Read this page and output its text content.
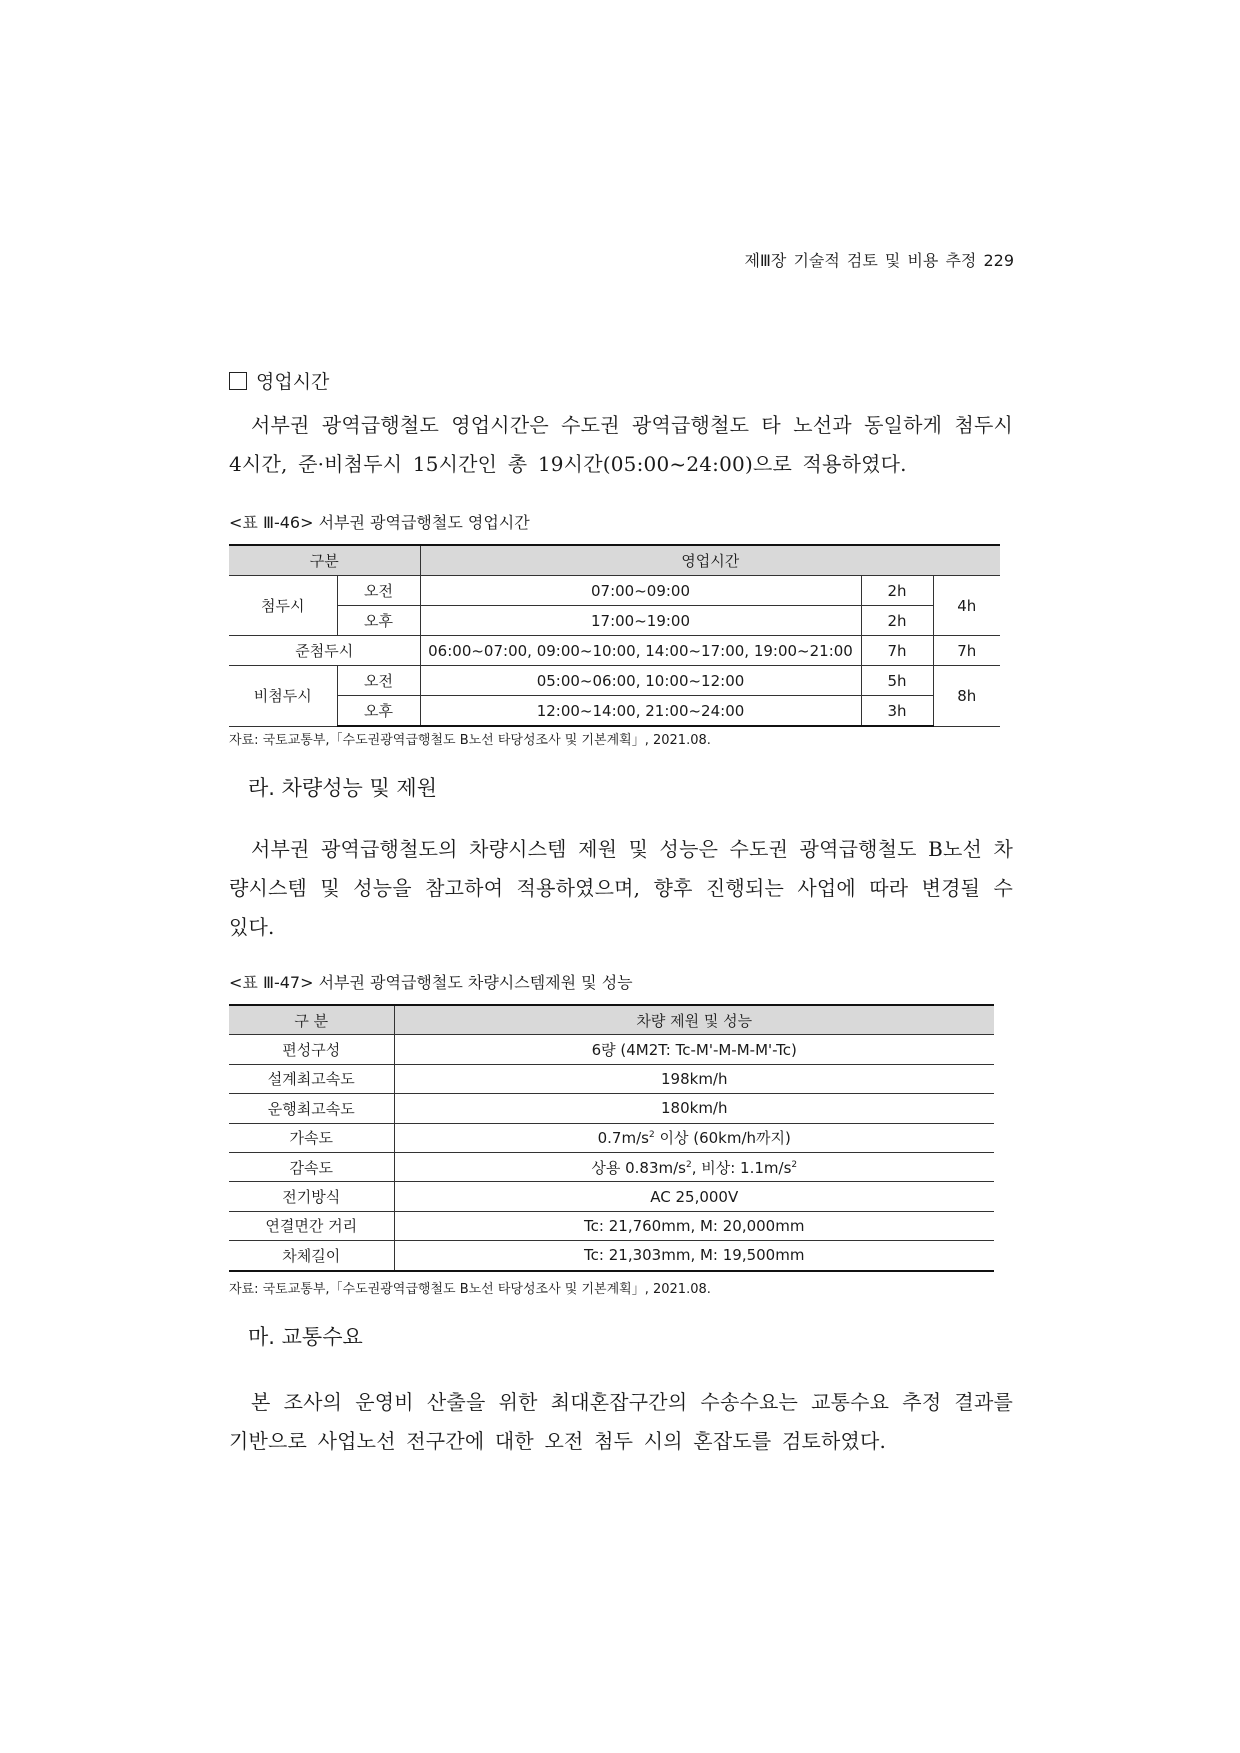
제Ⅲ장 기술적 검토 및 비용 추정 229
영업시간
서부권 광역급행철도 영업시간은 수도권 광역급행철도 타 노선과 동일하게 첨두시 4시간, 준·비첨두시 15시간인 총 19시간(05:00~24:00)으로 적용하였다.
<표 Ⅲ-46> 서부권 광역급행철도 영업시간
구분		영업시간		
첨두시	오전	07:00~09:00	2h	4h
	오후	17:00~19:00	2h	
준첨두시		06:00~07:00, 09:00~10:00, 14:00~17:00, 19:00~21:00	7h	7h
비첨두시	오전	05:00~06:00, 10:00~12:00	5h	8h
	오후	12:00~14:00, 21:00~24:00	3h	
자료: 국토교통부,「수도권광역급행철도 B노선 타당성조사 및 기본계획」, 2021.08.
라. 차량성능 및 제원
서부권 광역급행철도의 차량시스템 제원 및 성능은 수도권 광역급행철도 B노선 차량시스템 및 성능을 참고하여 적용하였으며, 향후 진행되는 사업에 따라 변경될 수 있다.
<표 Ⅲ-47> 서부권 광역급행철도 차량시스템제원 및 성능
구 분	차량 제원 및 성능
편성구성	6량 (4M2T: Tc-M'-M-M-M'-Tc)
설계최고속도	198km/h
운행최고속도	180km/h
가속도	$0.7m/s^2$ 이상 (60km/h까지)
감속도	상용 $0.83m/s^2$, 비상: $1.1m/s^2$
전기방식	AC 25,000V
연결면간 거리	Tc: 21,760mm, M: 20,000mm
차체길이	Tc: 21,303mm, M: 19,500mm
자료: 국토교통부,「수도권광역급행철도 B노선 타당성조사 및 기본계획」, 2021.08.
마. 교통수요
본 조사의 운영비 산출을 위한 최대혼잡구간의 수송수요는 교통수요 추정 결과를 기반으로 사업노선 전구간에 대한 오전 첨두 시의 혼잡도를 검토하였다.
